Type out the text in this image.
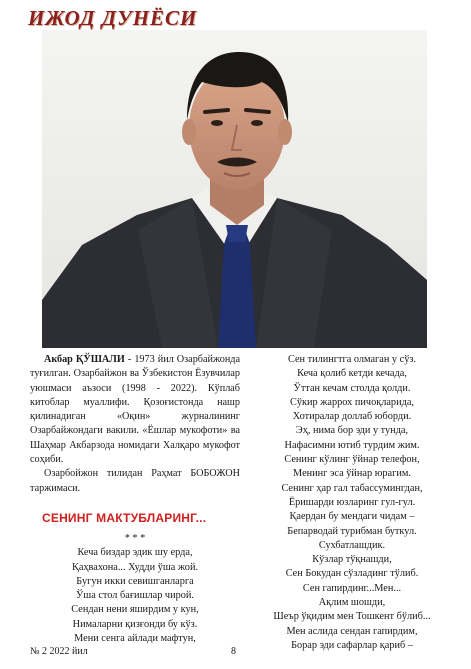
ИЖОД ДУНЁСИ

Акбар ҚЎШАЛИ - 1973 йил Озарбайжонда туғилган. Озарбайжон ва Ўзбекистон Ёзувчилар уюшмаси аъзоси (1998 - 2022). Кўплаб китоблар муаллифи. Қозоғистонда нашр қилинадиган «Оқин» журналининг Озарбайжондаги вакили. «Ёшлар мукофоти» ва Шаҳмар Акбарзода номидаги Халқаро мукофот соҳиби.

Озарбойжон тилидан Раҳмат БОБОЖОН таржимаси.

СЕНИНГ МАКТУБЛАРИНГ...
* * *
Кеча биздар эдик шу ерда,
Қаҳвахона... Худди ўша жой.
Бугун икки севишганларга
Ўша стол бағишлар чирой.
Сендан нени яширдим у кун,
Нималарни қизғонди бу кўз.
Мени сенга айлади мафтун,
Сен тилингтга олмаган у сўз.
Кеча қолиб кетди кечада,
Ўттан кечам столда қолди.
Сўкир жаррох пичоқларида,
Хотиралар доллаб юборди.
Эҳ, нима бор эди у тунда,
Нафасимни ютиб турдим жим.
Сенинг кўлинг ўйнар телефон,
Менинг эса ўйнар юрагим.
Сенинг ҳар гал табассумингдан,
Ёришарди юзларинг гул-гул.
Қаердан бу мендаги чидам –
Бепарводай турибман буткул.
Сухбатлашдик.
Кўзлар тўқнашди,
Сен Бокудан сўзладинг тўлиб.
Сен гапирдинг...Мен...
Ақлим шошди,
Шеър ўқидим мен Тошкент бўлиб...
Мен аслида сендан гапирдим,
Борар эди сафарлар қариб –
№ 2 2022 йил	8
